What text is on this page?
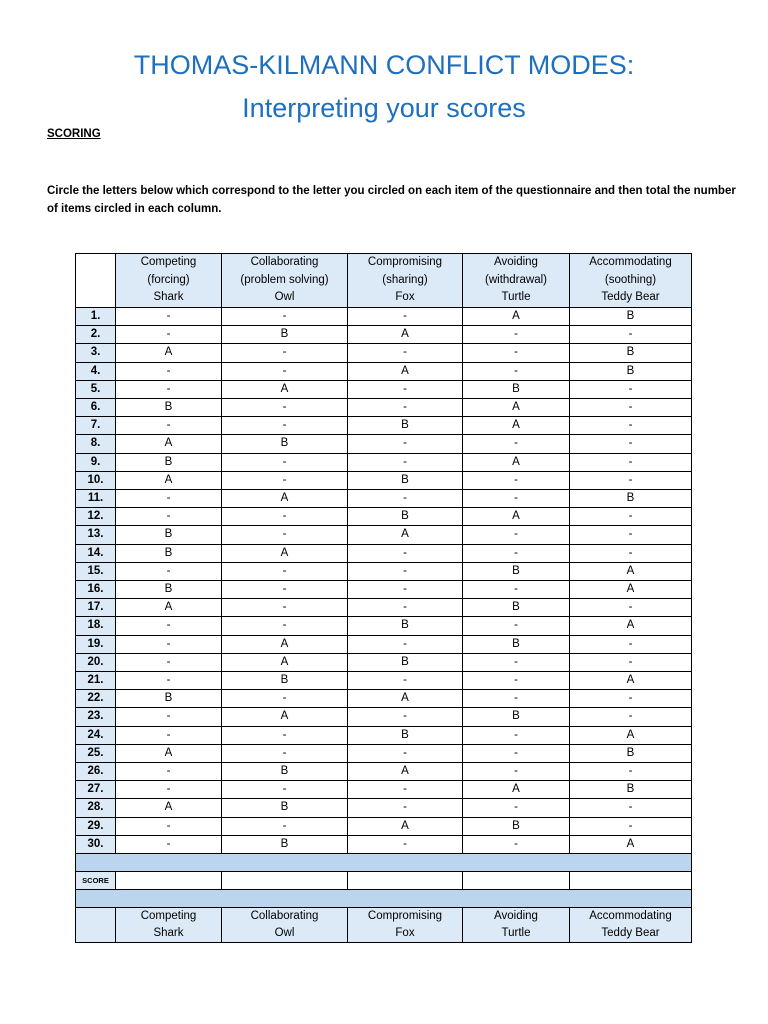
THOMAS-KILMANN CONFLICT MODES:
Interpreting your scores
SCORING
Circle the letters below which correspond to the letter you circled on each item of the questionnaire and then total the number of items circled in each column.
	Competing
(forcing)
Shark	Collaborating
(problem solving)
Owl	Compromising
(sharing)
Fox	Avoiding
(withdrawal)
Turtle	Accommodating
(soothing)
Teddy Bear
1.	-	-	-	A	B
2.	-	B	A	-	-
3.	A	-	-	-	B
4.	-	-	A	-	B
5.	-	A	-	B	-
6.	B	-	-	A	-
7.	-	-	B	A	-
8.	A	B	-	-	-
9.	B	-	-	A	-
10.	A	-	B	-	-
11.	-	A	-	-	B
12.	-	-	B	A	-
13.	B	-	A	-	-
14.	B	A	-	-	-
15.	-	-	-	B	A
16.	B	-	-	-	A
17.	A	-	-	B	-
18.	-	-	B	-	A
19.	-	A	-	B	-
20.	-	A	B	-	-
21.	-	B	-	-	A
22.	B	-	A	-	-
23.	-	A	-	B	-
24.	-	-	B	-	A
25.	A	-	-	-	B
26.	-	B	A	-	-
27.	-	-	-	A	B
28.	A	B	-	-	-
29.	-	-	A	B	-
30.	-	B	-	-	A

SCORE					

	Competing
Shark	Collaborating
Owl	Compromising
Fox	Avoiding
Turtle	Accommodating
Teddy Bear
